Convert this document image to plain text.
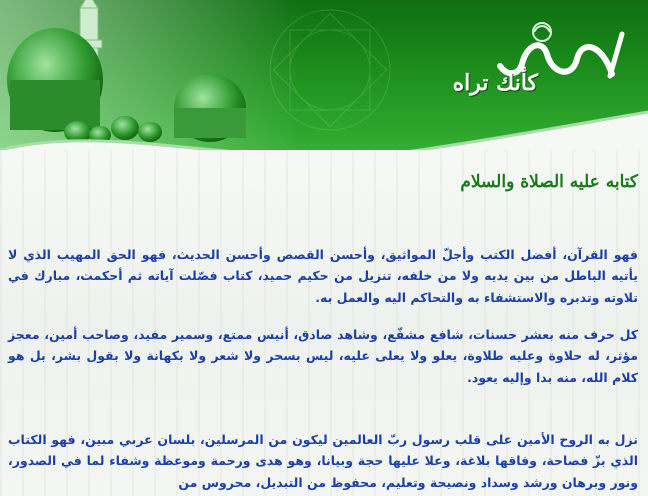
كأنك تراه
كتابه عليه الصلاة والسلام

فهو القرآن، أفضل الكتب وأجلّ المواثيق، وأحسن القصص وأحسن الحديث، فهو الحق المهيب الذي لا يأتيه الباطل من بين يديه ولا من خلفه، تنزيل من حكيم حميد، كتاب فصّلت آياته ثم أحكمت، مبارك في تلاوته وتدبره والاستشفاء به والتحاكم اليه والعمل به.

كل حرف منه بعشر حسنات، شافع مشفّع، وشاهد صادق، أنيس ممتع، وسمير مفيد، وصاحب أمين، معجز مؤثر، له حلاوة وعليه طلاوة، يعلو ولا يعلى عليه، ليس بسحر ولا شعر ولا بكهانة ولا بقول بشر، بل هو كلام الله، منه بدا وإليه يعود.

نزل به الروح الأمين على قلب رسول ربّ العالمين ليكون من المرسلين، بلسان عربي مبين، فهو الكتاب الذي بزّ فصاحة، وفاقها بلاغة، وعلا عليها حجة وبيانا، وهو هدى ورحمة وموعظة وشفاء لما في الصدور، ونور وبرهان ورشد وسداد ونصيحة وتعليم، محفوظ من التبديل، محروس من
